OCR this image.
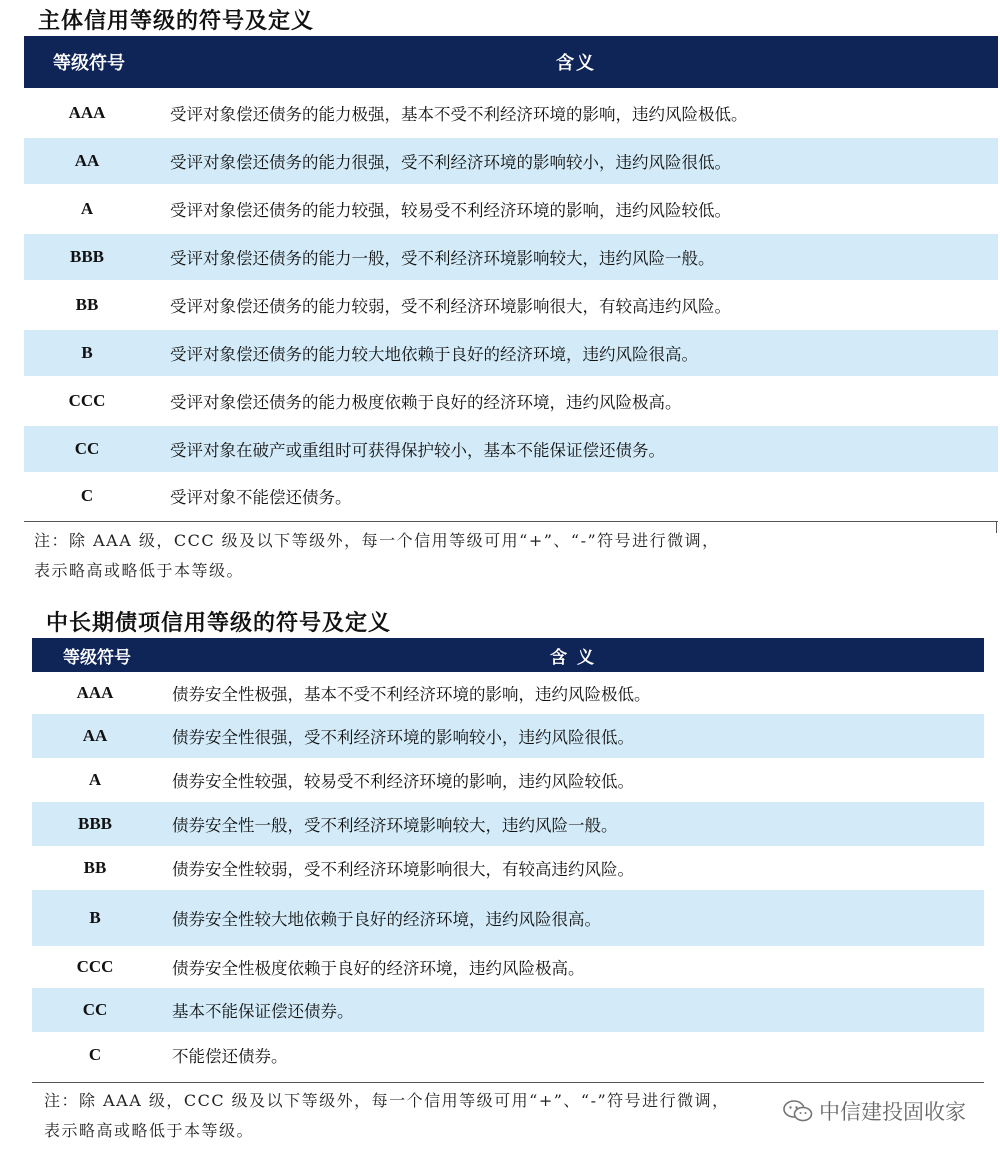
主体信用等级的符号及定义
等级符号	含义
AAA	受评对象偿还债务的能力极强，基本不受不利经济环境的影响，违约风险极低。
AA	受评对象偿还债务的能力很强，受不利经济环境的影响较小，违约风险很低。
A	受评对象偿还债务的能力较强，较易受不利经济环境的影响，违约风险较低。
BBB	受评对象偿还债务的能力一般，受不利经济环境影响较大，违约风险一般。
BB	受评对象偿还债务的能力较弱，受不利经济环境影响很大，有较高违约风险。
B	受评对象偿还债务的能力较大地依赖于良好的经济环境，违约风险很高。
CCC	受评对象偿还债务的能力极度依赖于良好的经济环境，违约风险极高。
CC	受评对象在破产或重组时可获得保护较小，基本不能保证偿还债务。
C	受评对象不能偿还债务。
注：除 AAA 级，CCC 级及以下等级外，每一个信用等级可用“+”、“-”符号进行微调，
表示略高或略低于本等级。
中长期债项信用等级的符号及定义
等级符号	含 义
AAA	债券安全性极强，基本不受不利经济环境的影响，违约风险极低。
AA	债券安全性很强，受不利经济环境的影响较小，违约风险很低。
A	债券安全性较强，较易受不利经济环境的影响，违约风险较低。
BBB	债券安全性一般，受不利经济环境影响较大，违约风险一般。
BB	债券安全性较弱，受不利经济环境影响很大，有较高违约风险。
B	债券安全性较大地依赖于良好的经济环境，违约风险很高。
CCC	债券安全性极度依赖于良好的经济环境，违约风险极高。
CC	基本不能保证偿还债券。
C	不能偿还债券。
注：除 AAA 级，CCC 级及以下等级外，每一个信用等级可用“+”、“-”符号进行微调，
表示略高或略低于本等级。
中信建投固收家
